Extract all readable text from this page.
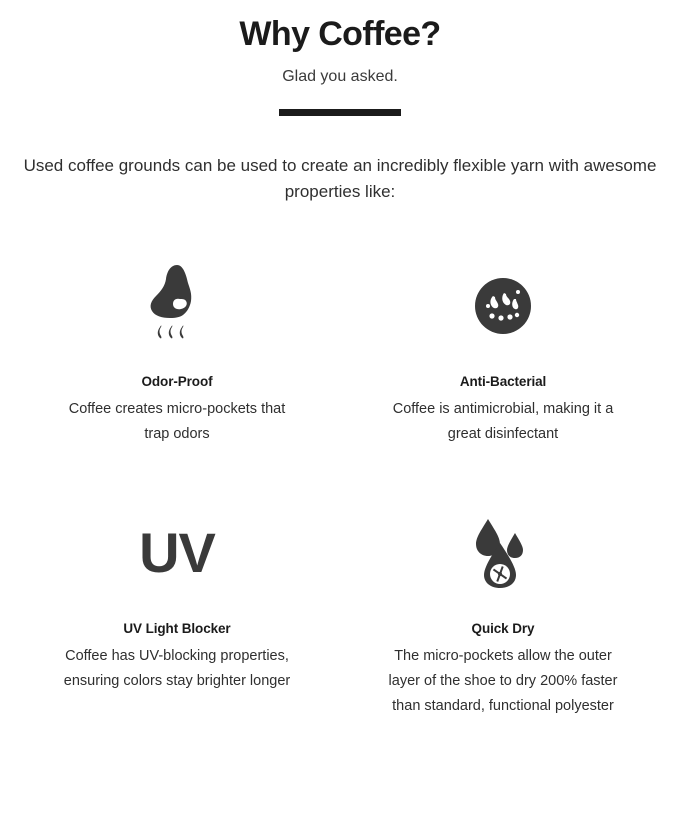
Why Coffee?

Glad you asked.

Used coffee grounds can be used to create an incredibly flexible yarn with awesome properties like:

Odor-Proof
Coffee creates micro-pockets that trap odors
Anti-Bacterial
Coffee is antimicrobial, making it a great disinfectant
UV
UV Light Blocker
Coffee has UV-blocking properties, ensuring colors stay brighter longer
Quick Dry
The micro-pockets allow the outer layer of the shoe to dry 200% faster than standard, functional polyester
